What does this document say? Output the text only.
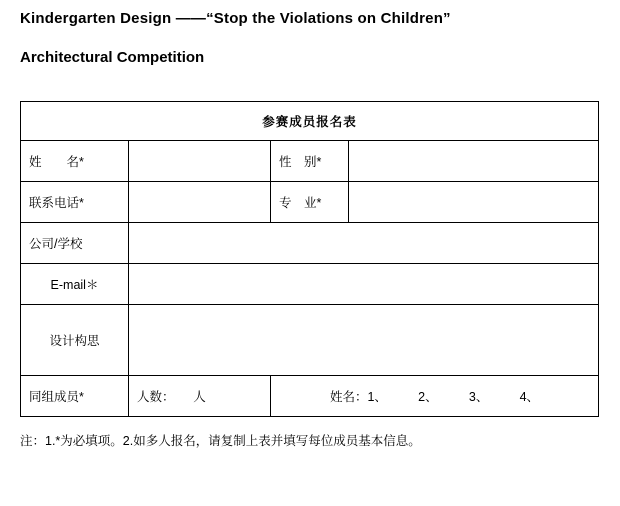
Kindergarten Design ——“Stop the Violations on Children”
Architectural Competition
参赛成员报名表			
姓　　名*		性　别*	
联系电话*		专　业*	
公司/学校			
E-mail＊			
设计构思			
同组成员*	人数：　　人	姓名：1、　　　2、　　　3、　　　4、	
注：1.*为必填项。2.如多人报名，请复制上表并填写每位成员基本信息。
